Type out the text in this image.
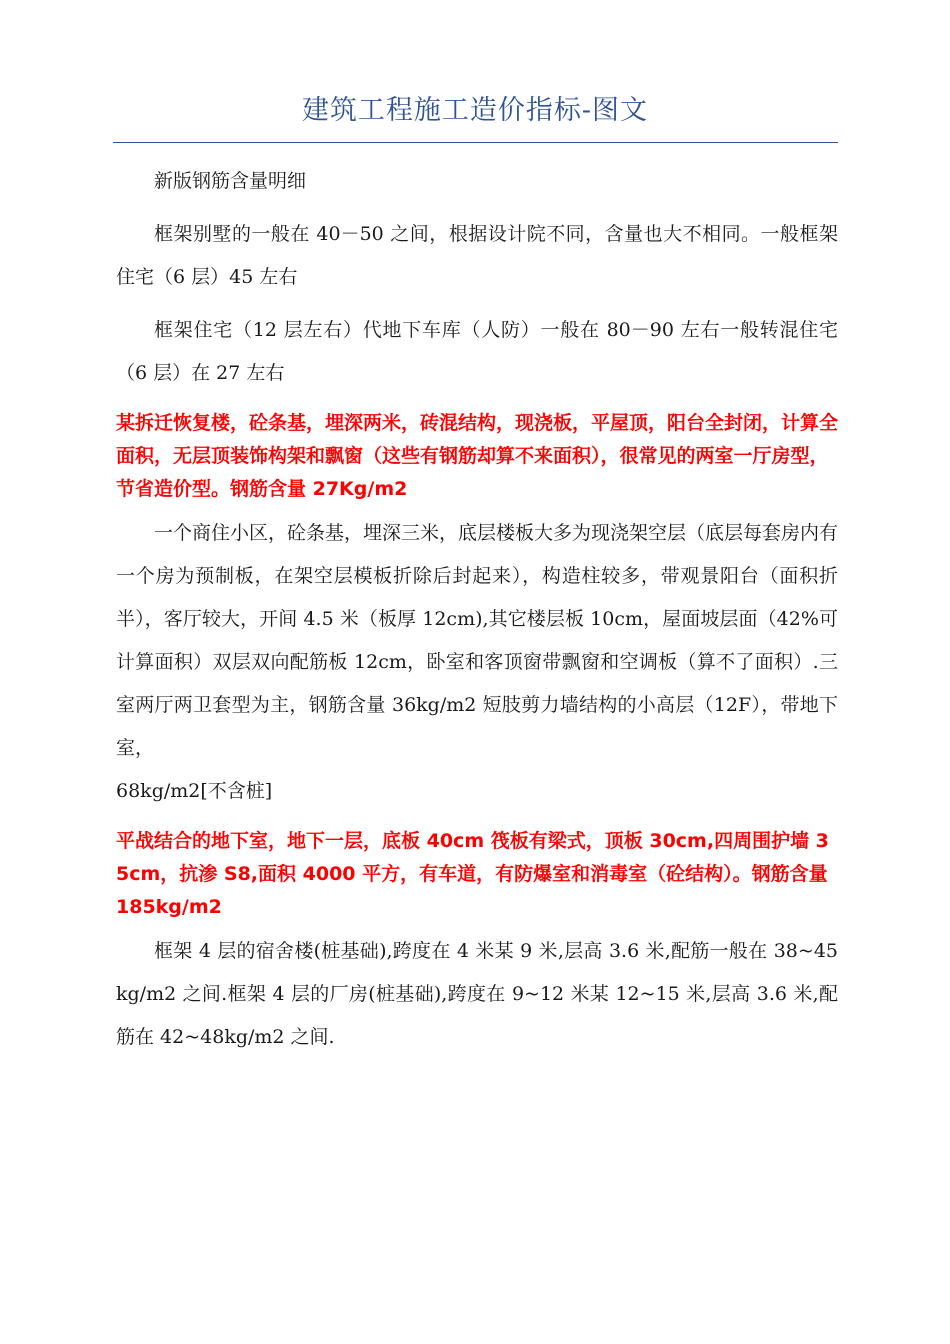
建筑工程施工造价指标-图文

新版钢筋含量明细

框架别墅的一般在 40－50 之间，根据设计院不同，含量也大不相同。一般框架住宅（6 层）45 左右

框架住宅（12 层左右）代地下车库（人防）一般在 80－90 左右一般转混住宅（6 层）在 27 左右

某拆迁恢复楼，砼条基，埋深两米，砖混结构，现浇板，平屋顶，阳台全封闭，计算全面积，无层顶装饰构架和飘窗（这些有钢筋却算不来面积），很常见的两室一厅房型，节省造价型。钢筋含量 27Kg/m2

一个商住小区，砼条基，埋深三米，底层楼板大多为现浇架空层（底层每套房内有一个房为预制板，在架空层模板折除后封起来），构造柱较多，带观景阳台（面积折半），客厅较大，开间 4.5 米（板厚 12cm),其它楼层板 10cm，屋面坡层面（42%可计算面积）双层双向配筋板 12cm，卧室和客顶窗带飘窗和空调板（算不了面积）.三室两厅两卫套型为主，钢筋含量 36kg/m2 短肢剪力墙结构的小高层（12F），带地下室，

68kg/m2[不含桩]

平战结合的地下室，地下一层，底板 40cm 筏板有梁式，顶板 30cm,四周围护墙 35cm，抗渗 S8,面积 4000 平方，有车道，有防爆室和消毒室（砼结构）。钢筋含量 185kg/m2

框架 4 层的宿舍楼(桩基础),跨度在 4 米某 9 米,层高 3.6 米,配筋一般在 38~45kg/m2 之间.框架 4 层的厂房(桩基础),跨度在 9~12 米某 12~15 米,层高 3.6 米,配筋在 42~48kg/m2 之间.
